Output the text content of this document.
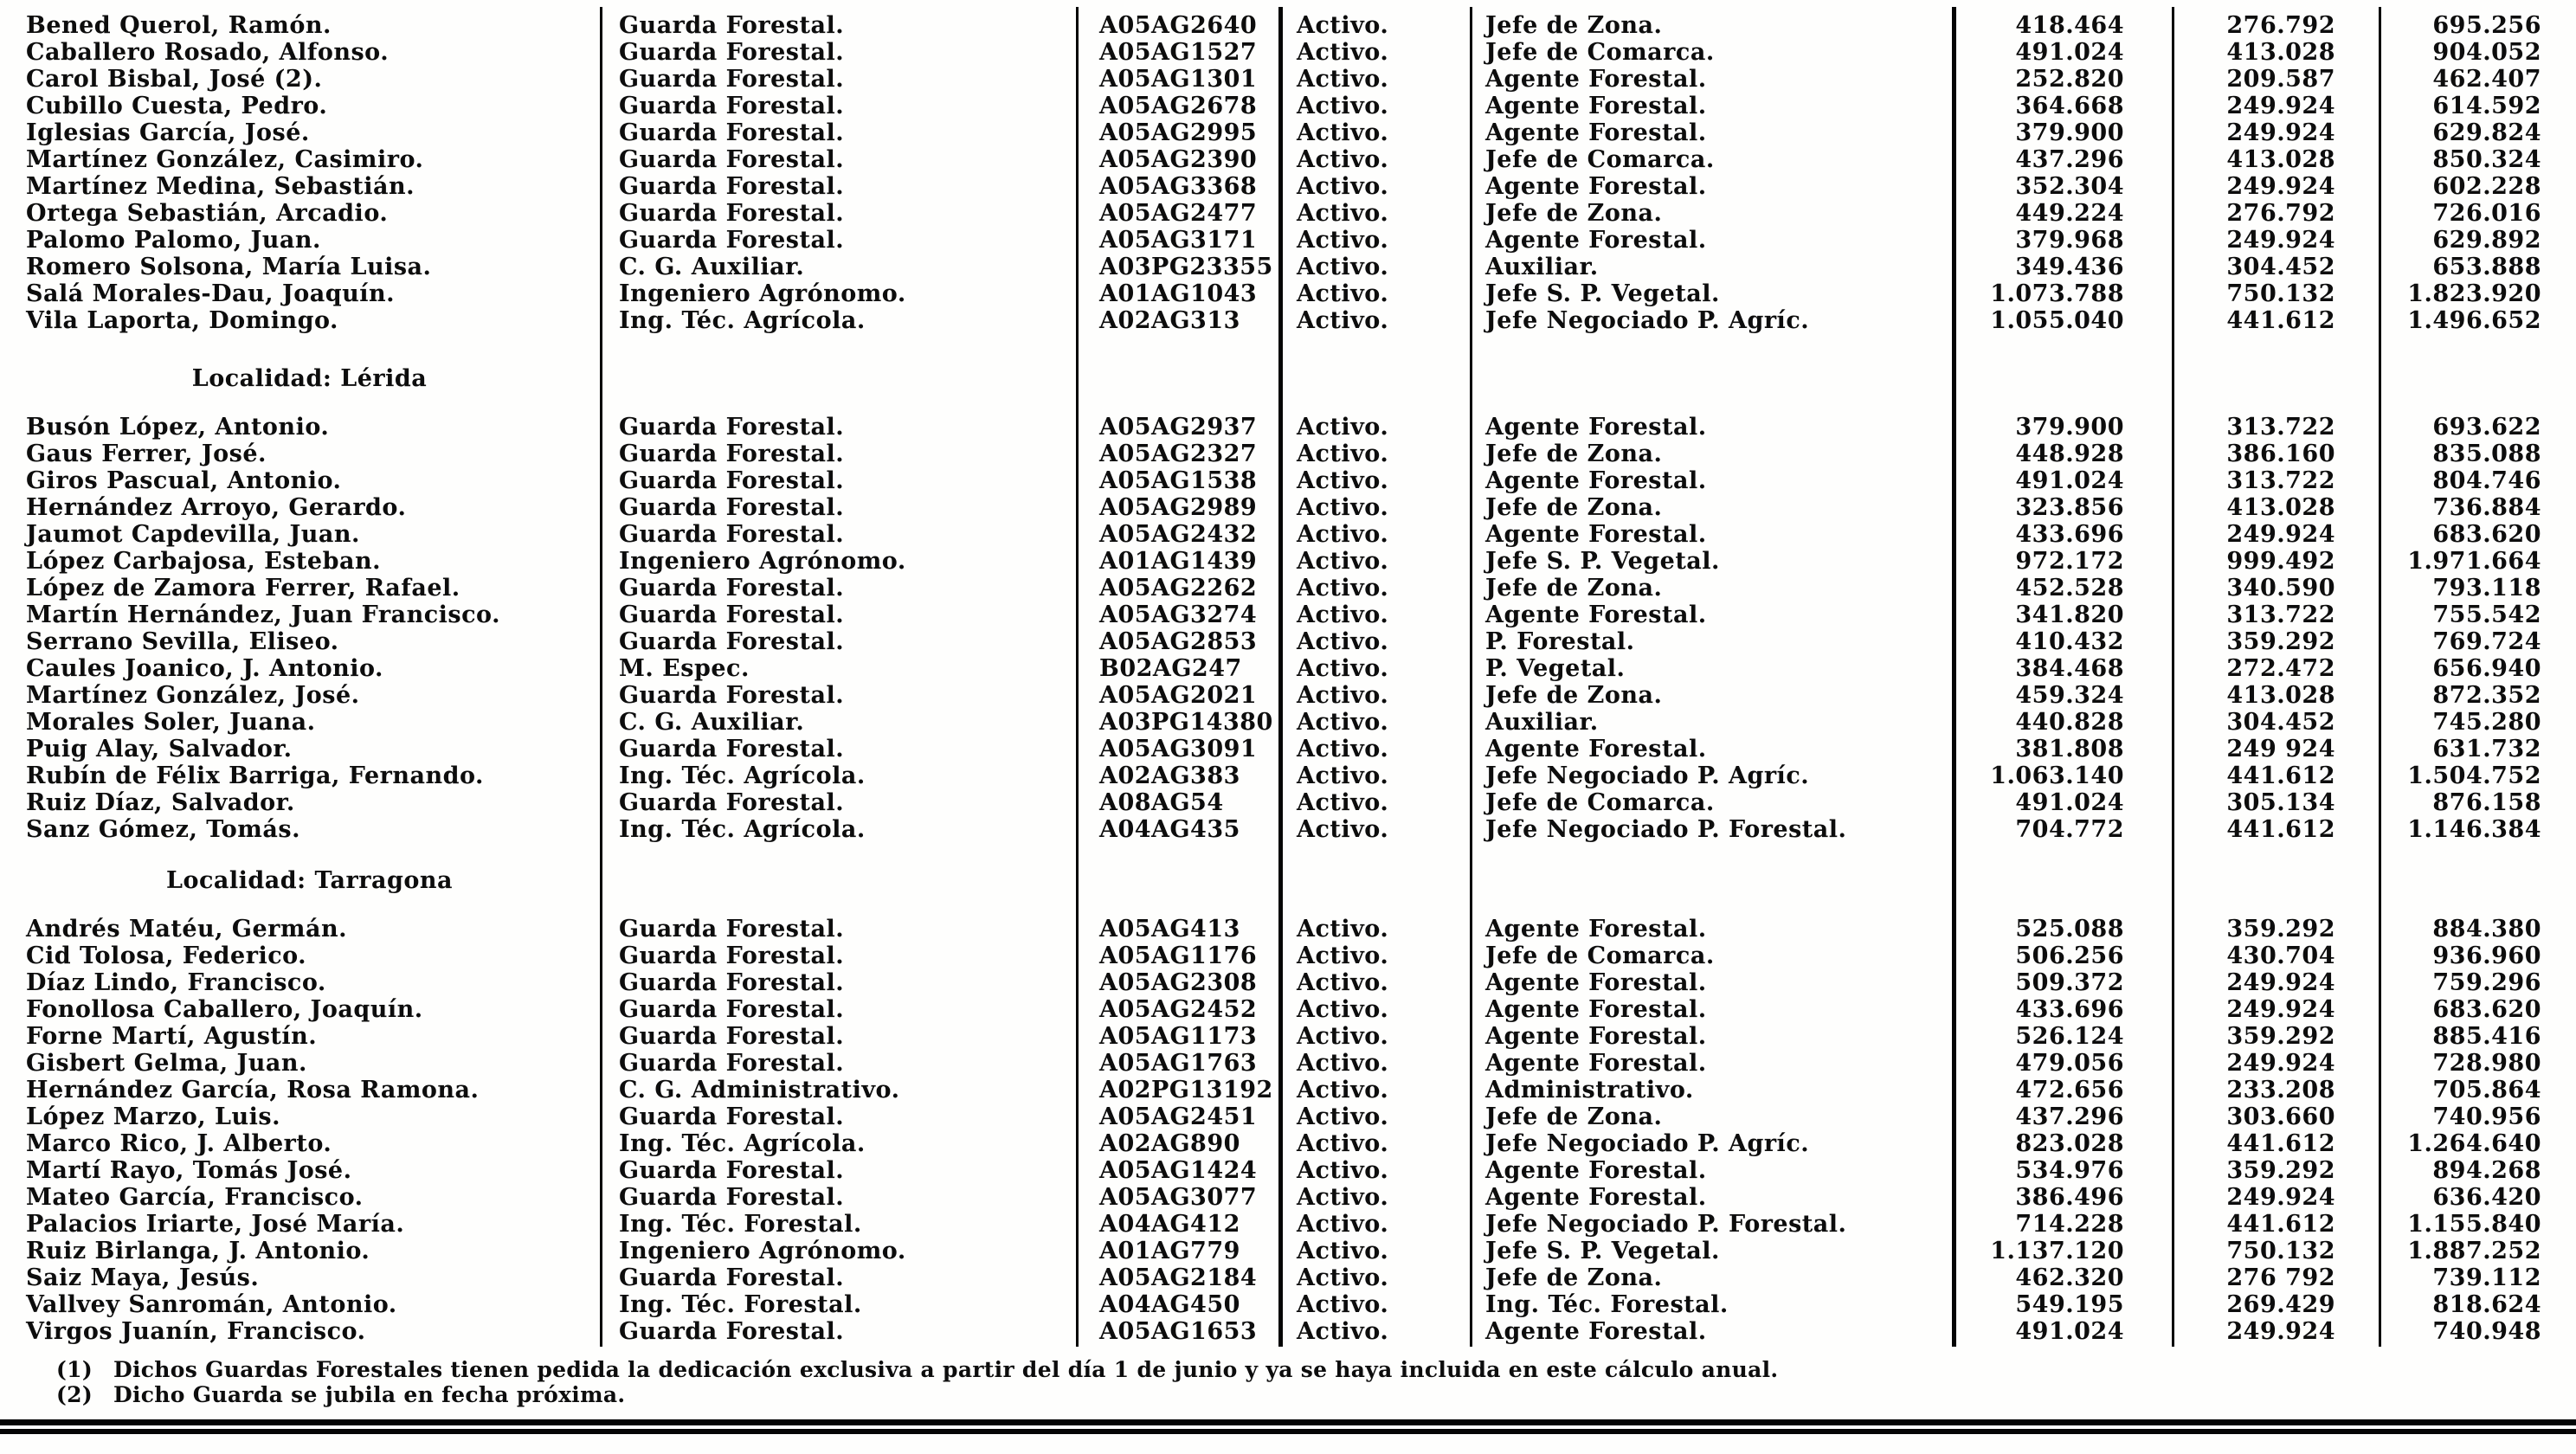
Bened Querol, Ramón.	Guarda Forestal.	A05AG2640	Activo.	Jefe de Zona.	418.464	276.792	695.256
Caballero Rosado, Alfonso.	Guarda Forestal.	A05AG1527	Activo.	Jefe de Comarca.	491.024	413.028	904.052
Carol Bisbal, José (2).	Guarda Forestal.	A05AG1301	Activo.	Agente Forestal.	252.820	209.587	462.407
Cubillo Cuesta, Pedro.	Guarda Forestal.	A05AG2678	Activo.	Agente Forestal.	364.668	249.924	614.592
Iglesias García, José.	Guarda Forestal.	A05AG2995	Activo.	Agente Forestal.	379.900	249.924	629.824
Martínez González, Casimiro.	Guarda Forestal.	A05AG2390	Activo.	Jefe de Comarca.	437.296	413.028	850.324
Martínez Medina, Sebastián.	Guarda Forestal.	A05AG3368	Activo.	Agente Forestal.	352.304	249.924	602.228
Ortega Sebastián, Arcadio.	Guarda Forestal.	A05AG2477	Activo.	Jefe de Zona.	449.224	276.792	726.016
Palomo Palomo, Juan.	Guarda Forestal.	A05AG3171	Activo.	Agente Forestal.	379.968	249.924	629.892
Romero Solsona, María Luisa.	C. G. Auxiliar.	A03PG23355	Activo.	Auxiliar.	349.436	304.452	653.888
Salá Morales-Dau, Joaquín.	Ingeniero Agrónomo.	A01AG1043	Activo.	Jefe S. P. Vegetal.	1.073.788	750.132	1.823.920
Vila Laporta, Domingo.	Ing. Téc. Agrícola.	A02AG313	Activo.	Jefe Negociado P. Agríc.	1.055.040	441.612	1.496.652
Localidad: Lérida
Busón López, Antonio.	Guarda Forestal.	A05AG2937	Activo.	Agente Forestal.	379.900	313.722	693.622
Gaus Ferrer, José.	Guarda Forestal.	A05AG2327	Activo.	Jefe de Zona.	448.928	386.160	835.088
Giros Pascual, Antonio.	Guarda Forestal.	A05AG1538	Activo.	Agente Forestal.	491.024	313.722	804.746
Hernández Arroyo, Gerardo.	Guarda Forestal.	A05AG2989	Activo.	Jefe de Zona.	323.856	413.028	736.884
Jaumot Capdevilla, Juan.	Guarda Forestal.	A05AG2432	Activo.	Agente Forestal.	433.696	249.924	683.620
López Carbajosa, Esteban.	Ingeniero Agrónomo.	A01AG1439	Activo.	Jefe S. P. Vegetal.	972.172	999.492	1.971.664
López de Zamora Ferrer, Rafael.	Guarda Forestal.	A05AG2262	Activo.	Jefe de Zona.	452.528	340.590	793.118
Martín Hernández, Juan Francisco.	Guarda Forestal.	A05AG3274	Activo.	Agente Forestal.	341.820	313.722	755.542
Serrano Sevilla, Eliseo.	Guarda Forestal.	A05AG2853	Activo.	P. Forestal.	410.432	359.292	769.724
Caules Joanico, J. Antonio.	M. Espec.	B02AG247	Activo.	P. Vegetal.	384.468	272.472	656.940
Martínez González, José.	Guarda Forestal.	A05AG2021	Activo.	Jefe de Zona.	459.324	413.028	872.352
Morales Soler, Juana.	C. G. Auxiliar.	A03PG14380	Activo.	Auxiliar.	440.828	304.452	745.280
Puig Alay, Salvador.	Guarda Forestal.	A05AG3091	Activo.	Agente Forestal.	381.808	249 924	631.732
Rubín de Félix Barriga, Fernando.	Ing. Téc. Agrícola.	A02AG383	Activo.	Jefe Negociado P. Agríc.	1.063.140	441.612	1.504.752
Ruiz Díaz, Salvador.	Guarda Forestal.	A08AG54	Activo.	Jefe de Comarca.	491.024	305.134	876.158
Sanz Gómez, Tomás.	Ing. Téc. Agrícola.	A04AG435	Activo.	Jefe Negociado P. Forestal.	704.772	441.612	1.146.384
Localidad: Tarragona
Andrés Matéu, Germán.	Guarda Forestal.	A05AG413	Activo.	Agente Forestal.	525.088	359.292	884.380
Cid Tolosa, Federico.	Guarda Forestal.	A05AG1176	Activo.	Jefe de Comarca.	506.256	430.704	936.960
Díaz Lindo, Francisco.	Guarda Forestal.	A05AG2308	Activo.	Agente Forestal.	509.372	249.924	759.296
Fonollosa Caballero, Joaquín.	Guarda Forestal.	A05AG2452	Activo.	Agente Forestal.	433.696	249.924	683.620
Forne Martí, Agustín.	Guarda Forestal.	A05AG1173	Activo.	Agente Forestal.	526.124	359.292	885.416
Gisbert Gelma, Juan.	Guarda Forestal.	A05AG1763	Activo.	Agente Forestal.	479.056	249.924	728.980
Hernández García, Rosa Ramona.	C. G. Administrativo.	A02PG13192	Activo.	Administrativo.	472.656	233.208	705.864
López Marzo, Luis.	Guarda Forestal.	A05AG2451	Activo.	Jefe de Zona.	437.296	303.660	740.956
Marco Rico, J. Alberto.	Ing. Téc. Agrícola.	A02AG890	Activo.	Jefe Negociado P. Agríc.	823.028	441.612	1.264.640
Martí Rayo, Tomás José.	Guarda Forestal.	A05AG1424	Activo.	Agente Forestal.	534.976	359.292	894.268
Mateo García, Francisco.	Guarda Forestal.	A05AG3077	Activo.	Agente Forestal.	386.496	249.924	636.420
Palacios Iriarte, José María.	Ing. Téc. Forestal.	A04AG412	Activo.	Jefe Negociado P. Forestal.	714.228	441.612	1.155.840
Ruiz Birlanga, J. Antonio.	Ingeniero Agrónomo.	A01AG779	Activo.	Jefe S. P. Vegetal.	1.137.120	750.132	1.887.252
Saiz Maya, Jesús.	Guarda Forestal.	A05AG2184	Activo.	Jefe de Zona.	462.320	276 792	739.112
Vallvey Sanromán, Antonio.	Ing. Téc. Forestal.	A04AG450	Activo.	Ing. Téc. Forestal.	549.195	269.429	818.624
Virgos Juanín, Francisco.	Guarda Forestal.	A05AG1653	Activo.	Agente Forestal.	491.024	249.924	740.948
(1) Dichos Guardas Forestales tienen pedida la dedicación exclusiva a partir del día 1 de junio y ya se haya incluida en este cálculo anual.
(2) Dicho Guarda se jubila en fecha próxima.
